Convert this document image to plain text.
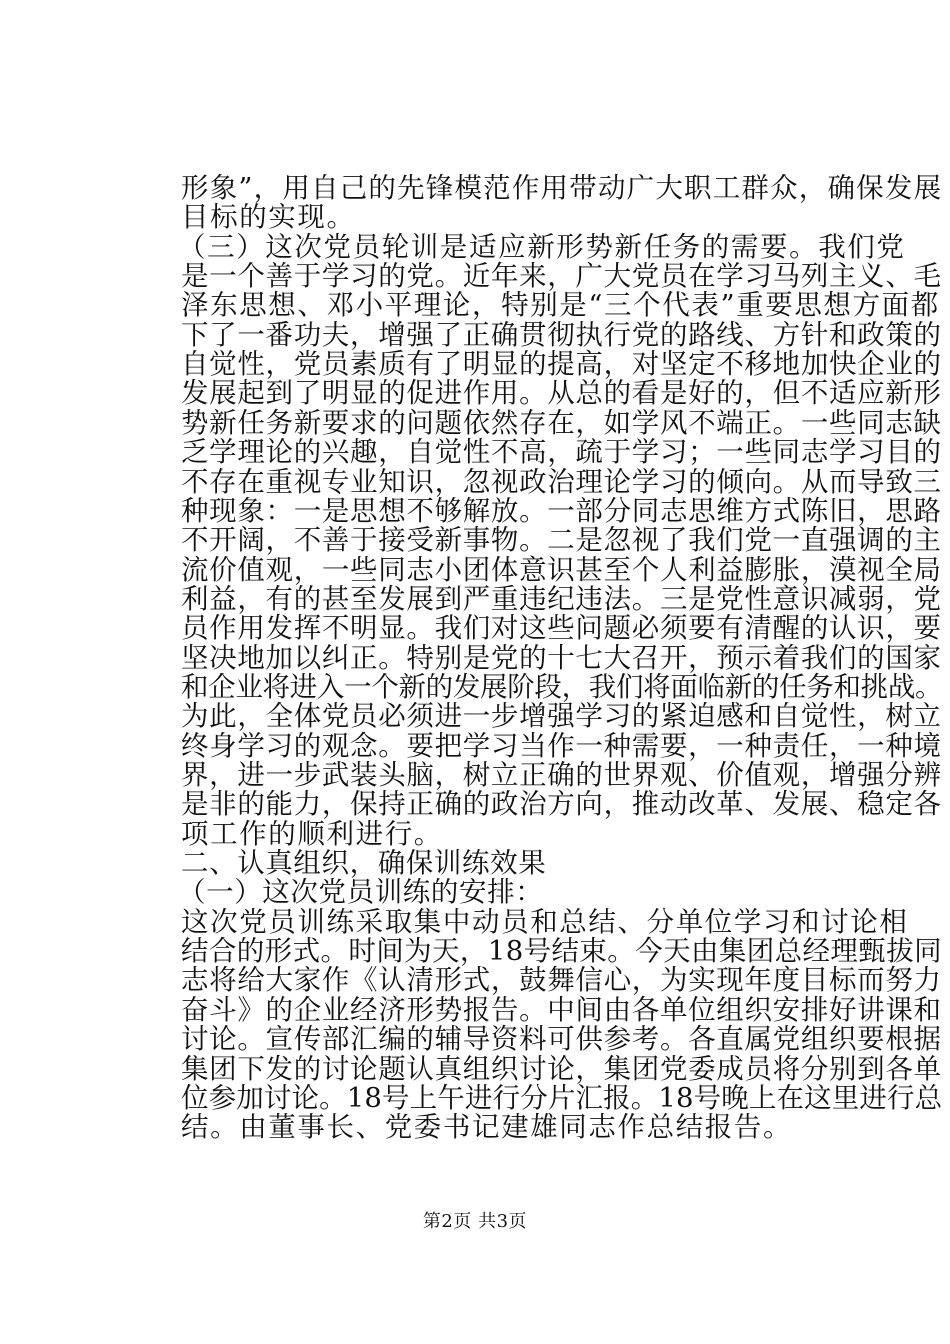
形象”，用自己的先锋模范作用带动广大职工群众，确保发展
目标的实现。
（三）这次党员轮训是适应新形势新任务的需要。我们党
是一个善于学习的党。近年来，广大党员在学习马列主义、毛
泽东思想、邓小平理论，特别是“三个代表”重要思想方面都
下了一番功夫，增强了正确贯彻执行党的路线、方针和政策的
自觉性，党员素质有了明显的提高，对坚定不移地加快企业的
发展起到了明显的促进作用。从总的看是好的，但不适应新形
势新任务新要求的问题依然存在，如学风不端正。一些同志缺
乏学理论的兴趣，自觉性不高，疏于学习；一些同志学习目的
不存在重视专业知识，忽视政治理论学习的倾向。从而导致三
种现象：一是思想不够解放。一部分同志思维方式陈旧，思路
不开阔，不善于接受新事物。二是忽视了我们党一直强调的主
流价值观，一些同志小团体意识甚至个人利益膨胀，漠视全局
利益，有的甚至发展到严重违纪违法。三是党性意识减弱，党
员作用发挥不明显。我们对这些问题必须要有清醒的认识，要
坚决地加以纠正。特别是党的十七大召开，预示着我们的国家
和企业将进入一个新的发展阶段，我们将面临新的任务和挑战。
为此，全体党员必须进一步增强学习的紧迫感和自觉性，树立
终身学习的观念。要把学习当作一种需要，一种责任，一种境
界，进一步武装头脑，树立正确的世界观、价值观，增强分辨
是非的能力，保持正确的政治方向，推动改革、发展、稳定各
项工作的顺利进行。
二、认真组织，确保训练效果
（一）这次党员训练的安排：
这次党员训练采取集中动员和总结、分单位学习和讨论相
结合的形式。时间为天，18号结束。今天由集团总经理甄拔同
志将给大家作《认清形式，鼓舞信心，为实现年度目标而努力
奋斗》的企业经济形势报告。中间由各单位组织安排好讲课和
讨论。宣传部汇编的辅导资料可供参考。各直属党组织要根据
集团下发的讨论题认真组织讨论，集团党委成员将分别到各单
位参加讨论。18号上午进行分片汇报。18号晚上在这里进行总
结。由董事长、党委书记建雄同志作总结报告。
第2页 共3页
